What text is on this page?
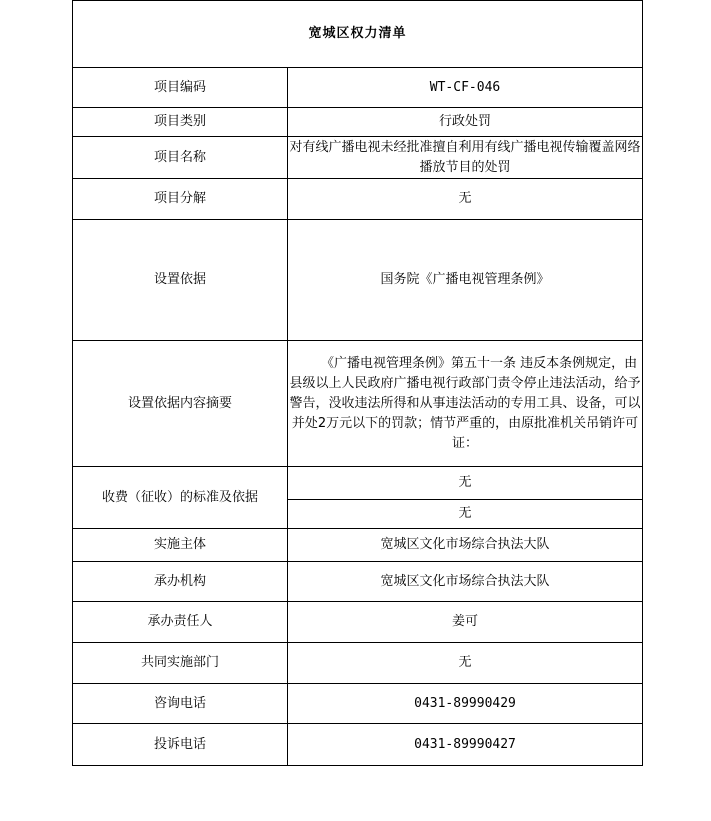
宽城区权力清单	
项目编码	WT-CF-046
项目类别	行政处罚
项目名称	对有线广播电视未经批准擅自利用有线广播电视传输覆盖网络播放节目的处罚
项目分解	无
设置依据	国务院《广播电视管理条例》
设置依据内容摘要	《广播电视管理条例》第五十一条 违反本条例规定，由县级以上人民政府广播电视行政部门责令停止违法活动，给予警告，没收违法所得和从事违法活动的专用工具、设备，可以并处2万元以下的罚款；情节严重的，由原批准机关吊销许可证：
收费（征收）的标准及依据	无
	无
实施主体	宽城区文化市场综合执法大队
承办机构	宽城区文化市场综合执法大队
承办责任人	姜可
共同实施部门	无
咨询电话	0431-89990429
投诉电话	0431-89990427
